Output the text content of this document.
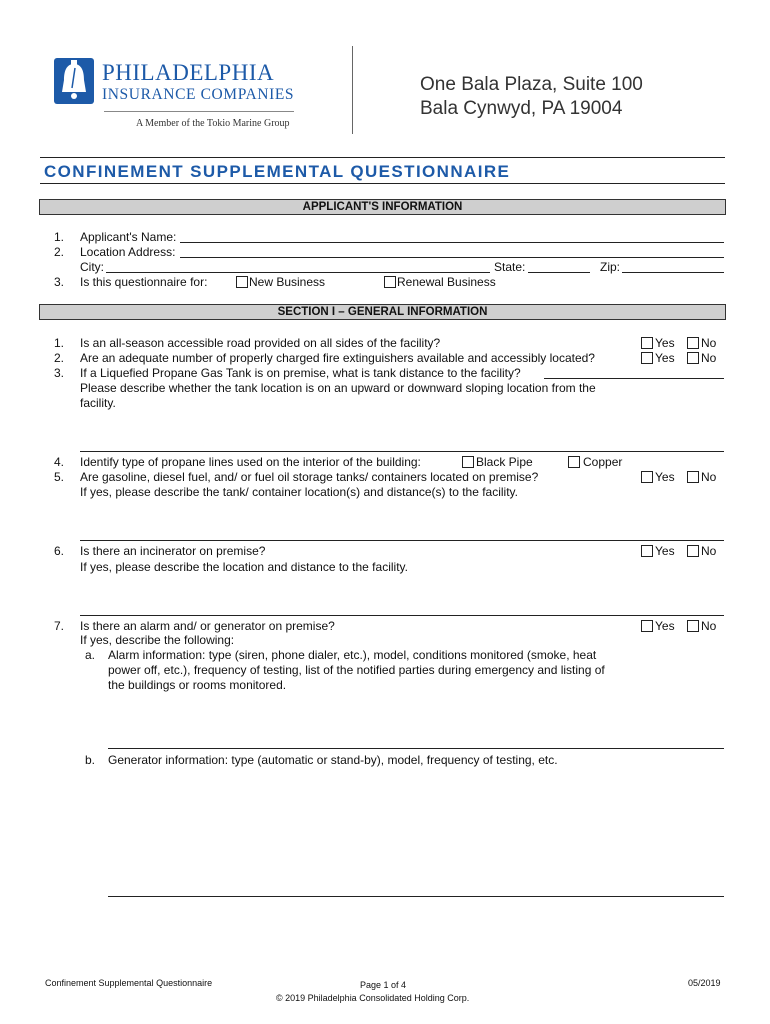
PHILADELPHIA
INSURANCE COMPANIES
A Member of the Tokio Marine Group
One Bala Plaza, Suite 100
Bala Cynwyd, PA 19004
CONFINEMENT SUPPLEMENTAL QUESTIONNAIRE
APPLICANT'S INFORMATION
1. Applicant's Name:
2. Location Address:
City:	State:	Zip:
3. Is this questionnaire for:	New Business	Renewal Business
SECTION I – GENERAL INFORMATION
1. Is an all-season accessible road provided on all sides of the facility?	Yes No
2. Are an adequate number of properly charged fire extinguishers available and accessibly located?	Yes No
3. If a Liquefied Propane Gas Tank is on premise, what is tank distance to the facility?
Please describe whether the tank location is on an upward or downward sloping location from the
facility.
4. Identify type of propane lines used on the interior of the building:	Black Pipe	Copper
5. Are gasoline, diesel fuel, and/ or fuel oil storage tanks/ containers located on premise?	Yes No
If yes, please describe the tank/ container location(s) and distance(s) to the facility.
6. Is there an incinerator on premise?	Yes No
If yes, please describe the location and distance to the facility.
7. Is there an alarm and/ or generator on premise?	Yes No
If yes, describe the following:
a. Alarm information: type (siren, phone dialer, etc.), model, conditions monitored (smoke, heat
power off, etc.), frequency of testing, list of the notified parties during emergency and listing of
the buildings or rooms monitored.
b. Generator information: type (automatic or stand-by), model, frequency of testing, etc.
Confinement Supplemental Questionnaire	Page 1 of 4
© 2019 Philadelphia Consolidated Holding Corp.
05/2019
